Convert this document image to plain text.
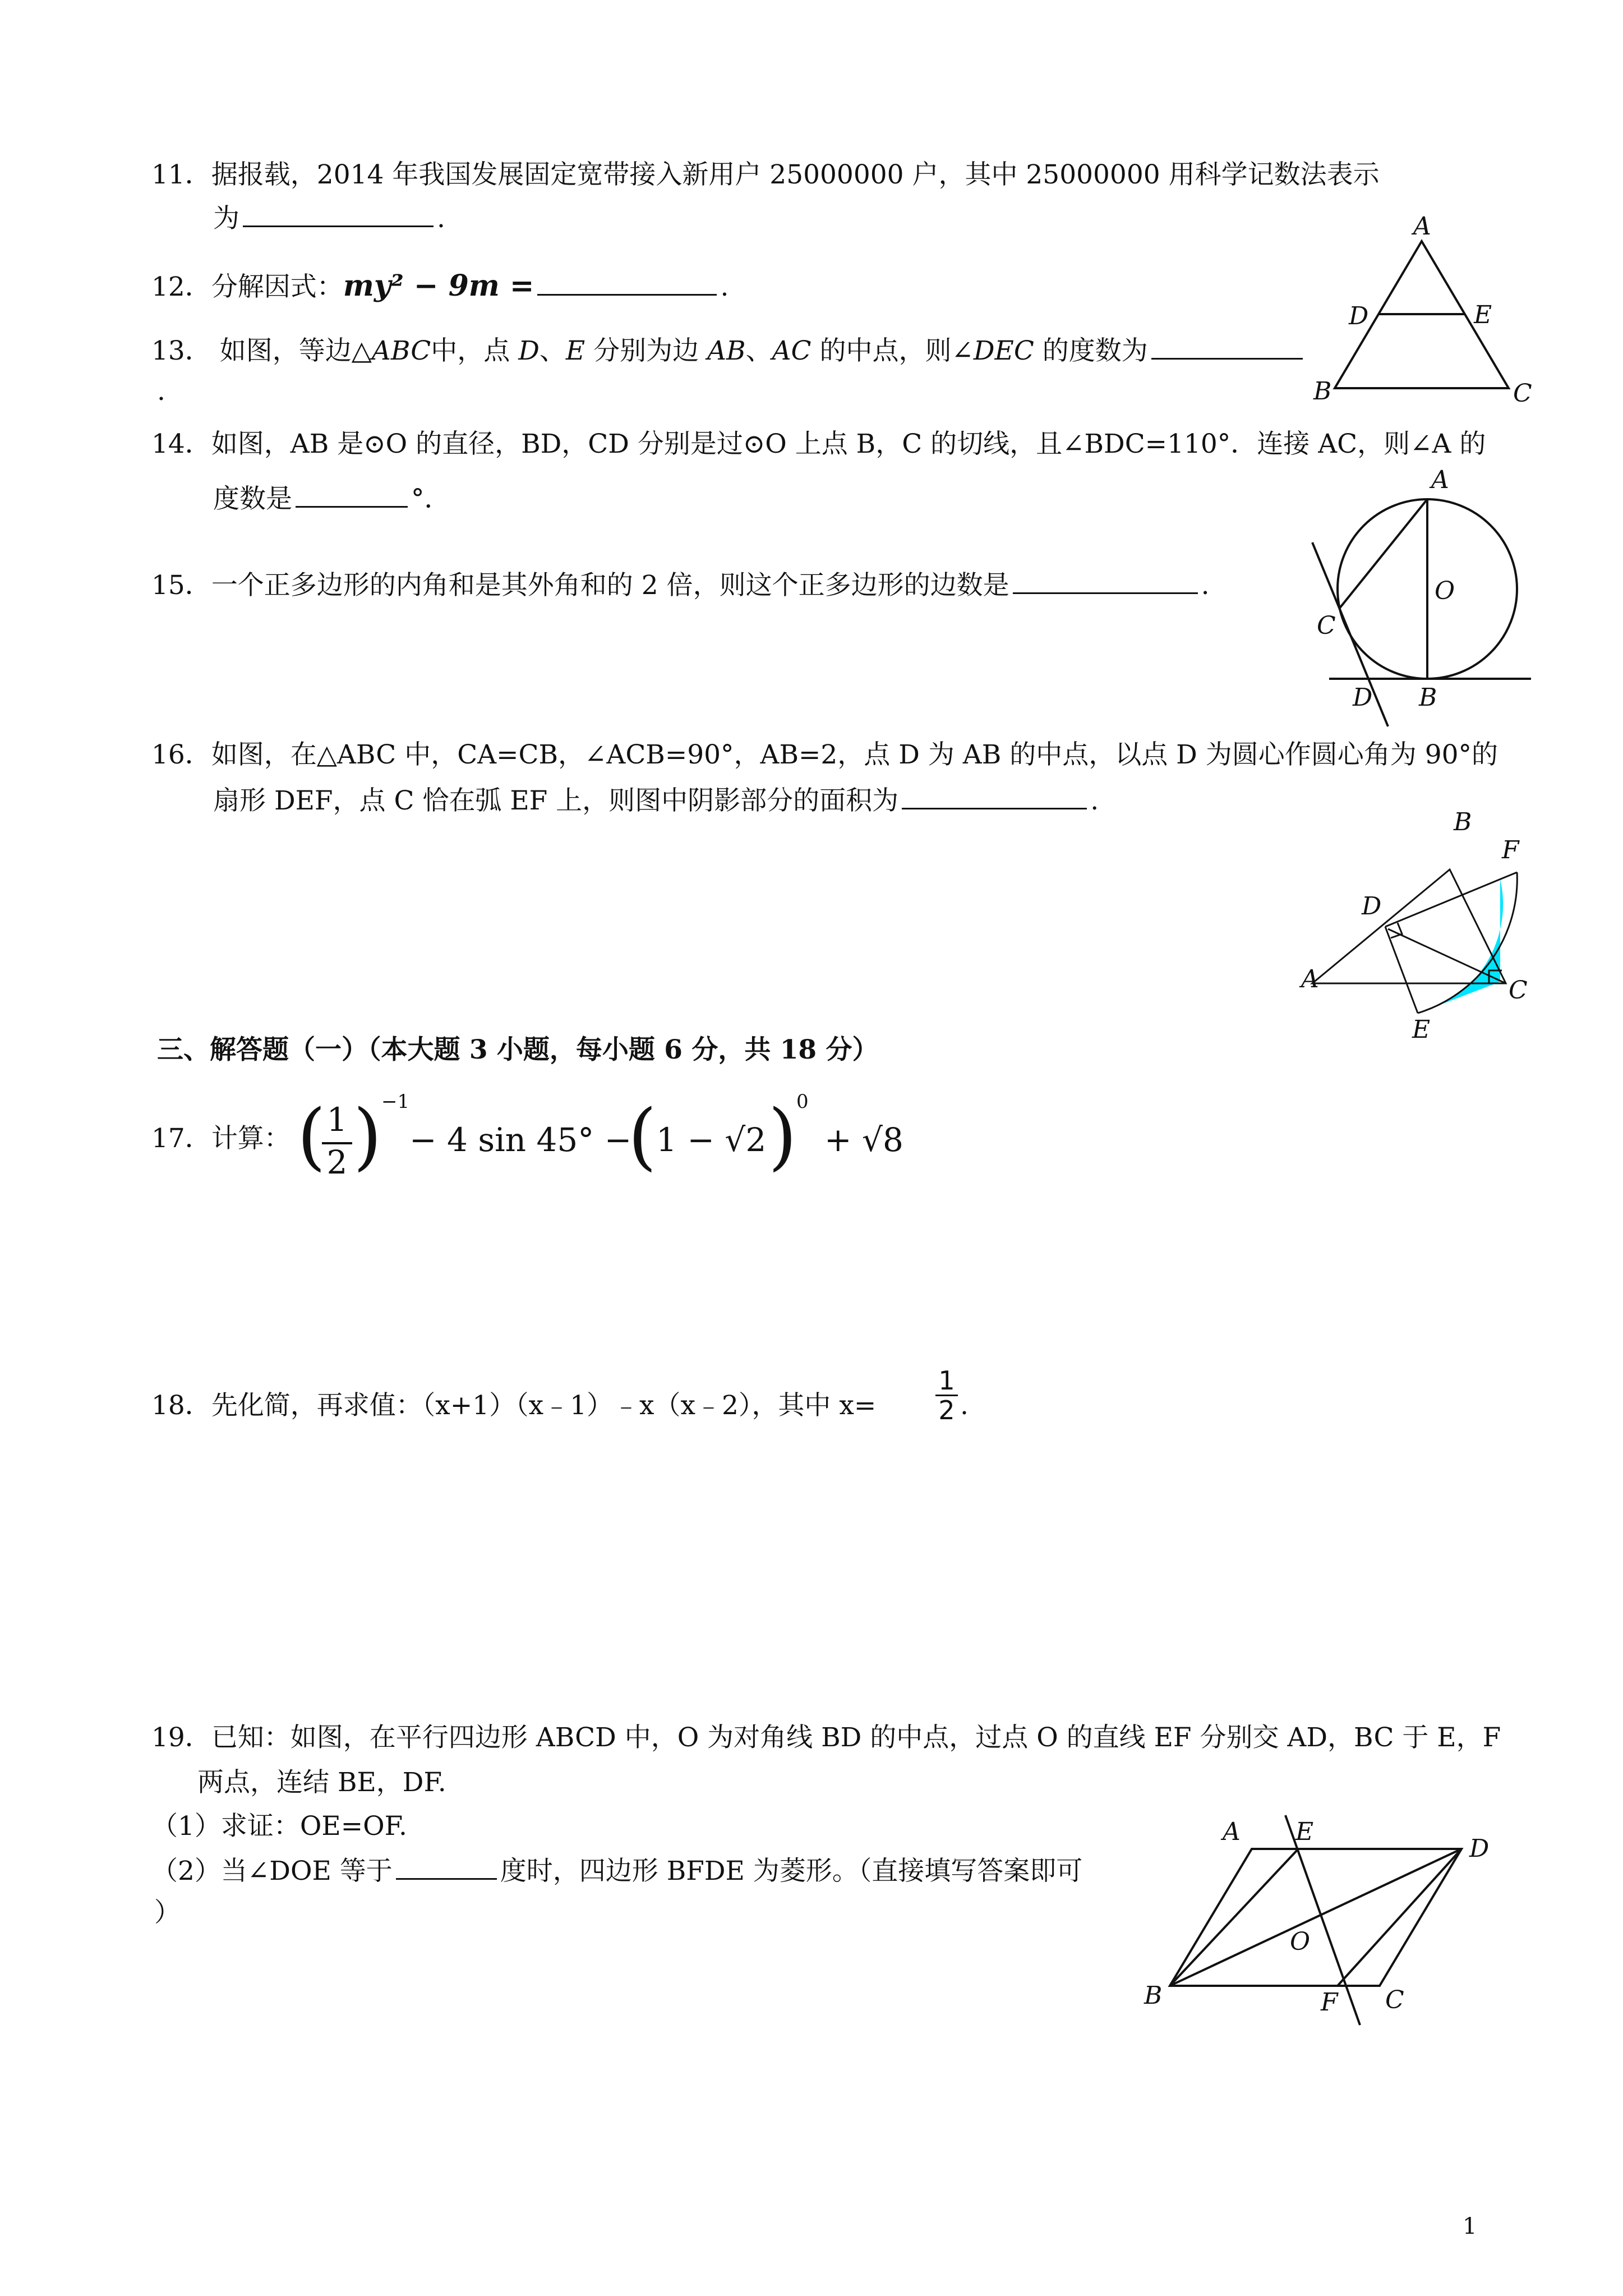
11．据报载，2014 年我国发展固定宽带接入新用户 25000000 户，其中 25000000 用科学记数法表示
为	.
12．分解因式：my² − 9m =	.
13． 如图，等边△ABC中，点 D、E 分别为边 AB、AC 的中点，则∠DEC 的度数为
.
14．如图，AB 是⊙O 的直径，BD，CD 分别是过⊙O 上点 B，C 的切线，且∠BDC=110°．连接 AC，则∠A 的
度数是	°．
15．一个正多边形的内角和是其外角和的 2 倍，则这个正多边形的边数是	.
16．如图，在△ABC 中，CA=CB，∠ACB=90°，AB=2，点 D 为 AB 的中点，以点 D 为圆心作圆心角为 90°的
扇形 DEF，点 C 恰在弧 EF 上，则图中阴影部分的面积为	.
三、解答题（一）（本大题 3 小题，每小题 6 分，共 18 分）
17．计算： ( 1
2 ) −1
− 4 sin 45° −
( 1 − √2 ) 0
+ √8
18．先化简，再求值：（x+1）（x﹣1）﹣x（x﹣2），其中 x=
1
2 .
19．已知：如图，在平行四边形 ABCD 中，O 为对角线 BD 的中点，过点 O 的直线 EF 分别交 AD，BC 于 E，F
两点，连结 BE，DF.
（1）求证：OE=OF.
（2）当∠DOE 等于	度时，四边形 BFDE 为菱形。（直接填写答案即可
）
A
D	E
B	C
A
O
C
D B
B
F
D
A	C
E
A E
D
O
B	F C
1
